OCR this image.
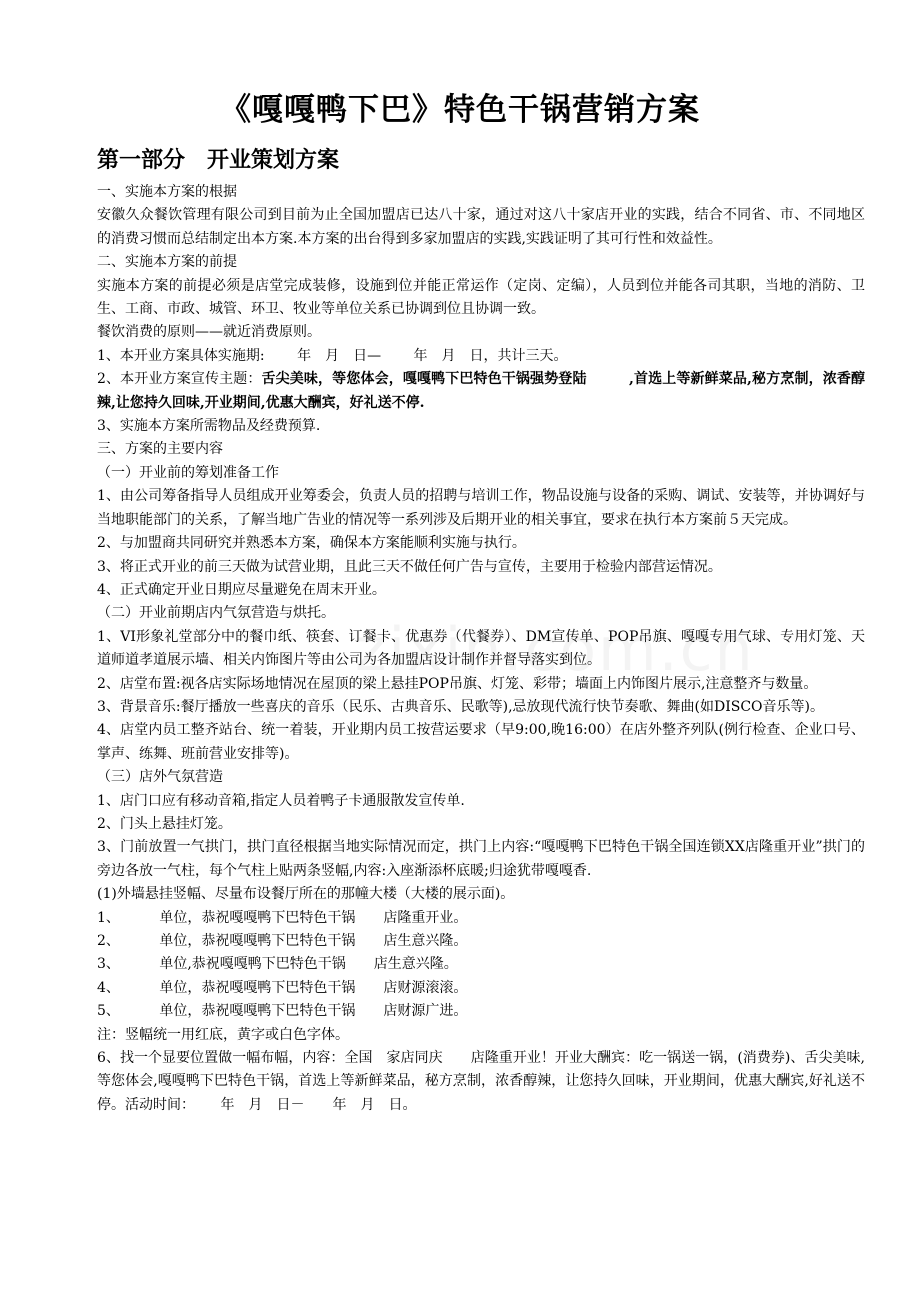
《嘎嘎鸭下巴》特色干锅营销方案
第一部分 开业策划方案

一、实施本方案的根据

安徽久众餐饮管理有限公司到目前为止全国加盟店已达八十家，通过对这八十家店开业的实践，结合不同省、市、不同地区的消费习惯而总结制定出本方案.本方案的出台得到多家加盟店的实践,实践证明了其可行性和效益性。

二、实施本方案的前提

实施本方案的前提必须是店堂完成装修，设施到位并能正常运作（定岗、定编），人员到位并能各司其职，当地的消防、卫生、工商、市政、城管、环卫、牧业等单位关系已协调到位且协调一致。

餐饮消费的原则——就近消费原则。

1、本开业方案具体实施期:　　 年　月　日—　　 年　月　日，共计三天。

2、本开业方案宣传主题：舌尖美味，等您体会，嘎嘎鸭下巴特色干锅强势登陆　　　,首选上等新鲜菜品,秘方烹制，浓香醇辣,让您持久回味,开业期间,优惠大酬宾，好礼送不停.

3、实施本方案所需物品及经费预算.

三、方案的主要内容

（一）开业前的筹划准备工作

1、由公司筹备指导人员组成开业筹委会，负责人员的招聘与培训工作，物品设施与设备的采购、调试、安装等，并协调好与当地职能部门的关系，了解当地广告业的情况等一系列涉及后期开业的相关事宜，要求在执行本方案前５天完成。

2、与加盟商共同研究并熟悉本方案，确保本方案能顺利实施与执行。

3、将正式开业的前三天做为试营业期，且此三天不做任何广告与宣传，主要用于检验内部营运情况。

4、正式确定开业日期应尽量避免在周末开业。

（二）开业前期店内气氛营造与烘托。

1、VI形象礼堂部分中的餐巾纸、筷套、订餐卡、优惠券（代餐券）、DM宣传单、POP吊旗、嘎嘎专用气球、专用灯笼、天道师道孝道展示墙、相关内饰图片等由公司为各加盟店设计制作并督导落实到位。

2、店堂布置:视各店实际场地情况在屋顶的梁上悬挂POP吊旗、灯笼、彩带；墙面上内饰图片展示,注意整齐与数量。

3、背景音乐:餐厅播放一些喜庆的音乐（民乐、古典音乐、民歌等),忌放现代流行快节奏歌、舞曲(如DISCO音乐等)。

4、店堂内员工整齐站台、统一着装，开业期内员工按营运要求（早9:00,晚16:00）在店外整齐列队(例行检查、企业口号、掌声、练舞、班前营业安排等)。

（三）店外气氛营造

1、店门口应有移动音箱,指定人员着鸭子卡通服散发宣传单.

2、门头上悬挂灯笼。

3、门前放置一气拱门，拱门直径根据当地实际情况而定，拱门上内容:“嘎嘎鸭下巴特色干锅全国连锁XX店隆重开业”拱门的旁边各放一气柱，每个气柱上贴两条竖幅,内容:入座渐添杯底暖;归途犹带嘎嘎香.

(1)外墙悬挂竖幅、尽量布设餐厅所在的那幢大楼（大楼的展示面)。

1、　　　 单位，恭祝嘎嘎鸭下巴特色干锅　　店隆重开业。

2、　　　 单位，恭祝嘎嘎鸭下巴特色干锅　　店生意兴隆。

3、　　　 单位,恭祝嘎嘎鸭下巴特色干锅　　店生意兴隆。

4、　　　 单位，恭祝嘎嘎鸭下巴特色干锅　　店财源滚滚。

5、　　　 单位，恭祝嘎嘎鸭下巴特色干锅　　店财源广进。

注：竖幅统一用红底，黄字或白色字体。

6、找一个显要位置做一幅布幅，内容：全国　家店同庆　　店隆重开业！开业大酬宾：吃一锅送一锅，(消费券)、舌尖美味,等您体会,嘎嘎鸭下巴特色干锅，首选上等新鲜菜品，秘方烹制，浓香醇辣，让您持久回味，开业期间，优惠大酬宾,好礼送不停。活动时间：　　 年　月　日－　　年　月　日。
